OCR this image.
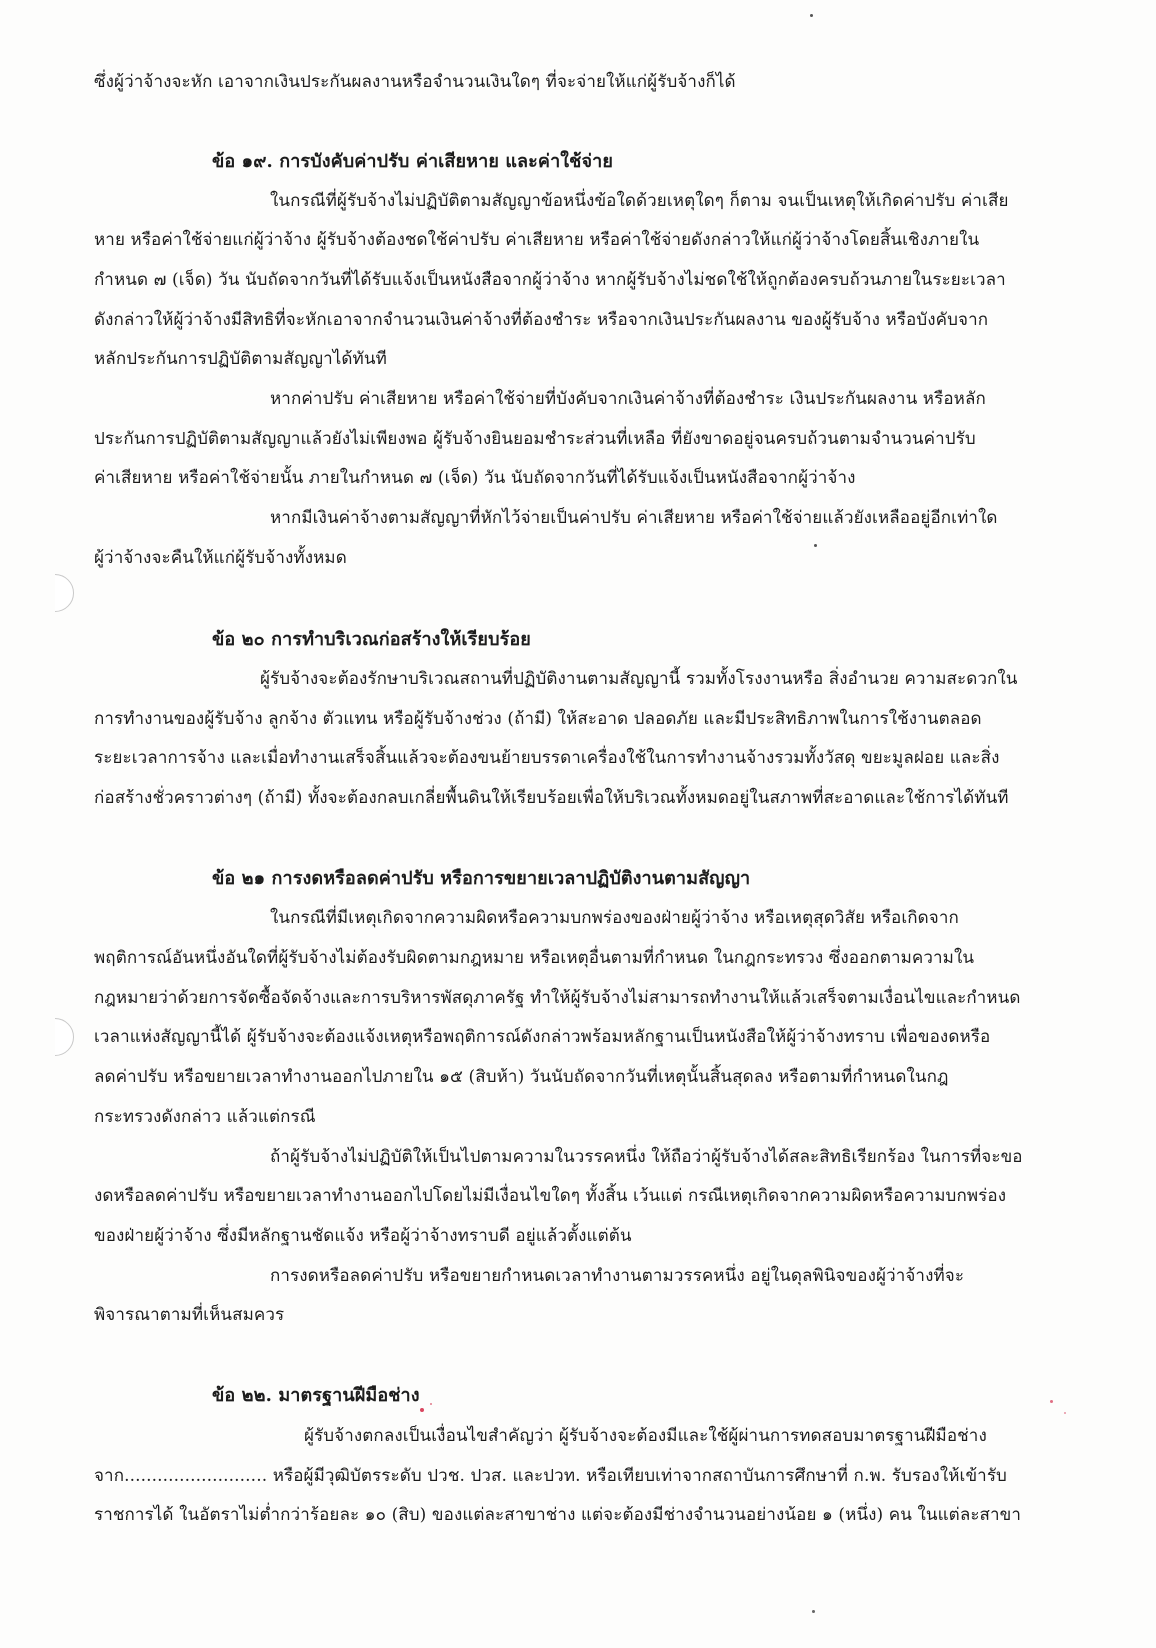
ซึ่งผู้ว่าจ้างจะหัก เอาจากเงินประกันผลงานหรือจำนวนเงินใดๆ ที่จะจ่ายให้แก่ผู้รับจ้างก็ได้
ข้อ ๑๙. การบังคับค่าปรับ ค่าเสียหาย และค่าใช้จ่าย
ในกรณีที่ผู้รับจ้างไม่ปฏิบัติตามสัญญาข้อหนึ่งข้อใดด้วยเหตุใดๆ ก็ตาม จนเป็นเหตุให้เกิดค่าปรับ ค่าเสีย
หาย หรือค่าใช้จ่ายแก่ผู้ว่าจ้าง ผู้รับจ้างต้องชดใช้ค่าปรับ ค่าเสียหาย หรือค่าใช้จ่ายดังกล่าวให้แก่ผู้ว่าจ้างโดยสิ้นเชิงภายใน
กำหนด ๗ (เจ็ด) วัน นับถัดจากวันที่ได้รับแจ้งเป็นหนังสือจากผู้ว่าจ้าง หากผู้รับจ้างไม่ชดใช้ให้ถูกต้องครบถ้วนภายในระยะเวลา
ดังกล่าวให้ผู้ว่าจ้างมีสิทธิที่จะหักเอาจากจำนวนเงินค่าจ้างที่ต้องชำระ หรือจากเงินประกันผลงาน ของผู้รับจ้าง หรือบังคับจาก
หลักประกันการปฏิบัติตามสัญญาได้ทันที
หากค่าปรับ ค่าเสียหาย หรือค่าใช้จ่ายที่บังคับจากเงินค่าจ้างที่ต้องชำระ เงินประกันผลงาน หรือหลัก
ประกันการปฏิบัติตามสัญญาแล้วยังไม่เพียงพอ ผู้รับจ้างยินยอมชำระส่วนที่เหลือ ที่ยังขาดอยู่จนครบถ้วนตามจำนวนค่าปรับ
ค่าเสียหาย หรือค่าใช้จ่ายนั้น ภายในกำหนด ๗ (เจ็ด) วัน นับถัดจากวันที่ได้รับแจ้งเป็นหนังสือจากผู้ว่าจ้าง
หากมีเงินค่าจ้างตามสัญญาที่หักไว้จ่ายเป็นค่าปรับ ค่าเสียหาย หรือค่าใช้จ่ายแล้วยังเหลืออยู่อีกเท่าใด
ผู้ว่าจ้างจะคืนให้แก่ผู้รับจ้างทั้งหมด
ข้อ ๒๐ การทำบริเวณก่อสร้างให้เรียบร้อย
ผู้รับจ้างจะต้องรักษาบริเวณสถานที่ปฏิบัติงานตามสัญญานี้ รวมทั้งโรงงานหรือ สิ่งอำนวย ความสะดวกใน
การทำงานของผู้รับจ้าง ลูกจ้าง ตัวแทน หรือผู้รับจ้างช่วง (ถ้ามี) ให้สะอาด ปลอดภัย และมีประสิทธิภาพในการใช้งานตลอด
ระยะเวลาการจ้าง และเมื่อทำงานเสร็จสิ้นแล้วจะต้องขนย้ายบรรดาเครื่องใช้ในการทำงานจ้างรวมทั้งวัสดุ ขยะมูลฝอย และสิ่ง
ก่อสร้างชั่วคราวต่างๆ (ถ้ามี) ทั้งจะต้องกลบเกลี่ยพื้นดินให้เรียบร้อยเพื่อให้บริเวณทั้งหมดอยู่ในสภาพที่สะอาดและใช้การได้ทันที
ข้อ ๒๑ การงดหรือลดค่าปรับ หรือการขยายเวลาปฏิบัติงานตามสัญญา
ในกรณีที่มีเหตุเกิดจากความผิดหรือความบกพร่องของฝ่ายผู้ว่าจ้าง หรือเหตุสุดวิสัย หรือเกิดจาก
พฤติการณ์อันหนึ่งอันใดที่ผู้รับจ้างไม่ต้องรับผิดตามกฎหมาย หรือเหตุอื่นตามที่กำหนด ในกฎกระทรวง ซึ่งออกตามความใน
กฎหมายว่าด้วยการจัดซื้อจัดจ้างและการบริหารพัสดุภาครัฐ ทำให้ผู้รับจ้างไม่สามารถทำงานให้แล้วเสร็จตามเงื่อนไขและกำหนด
เวลาแห่งสัญญานี้ได้ ผู้รับจ้างจะต้องแจ้งเหตุหรือพฤติการณ์ดังกล่าวพร้อมหลักฐานเป็นหนังสือให้ผู้ว่าจ้างทราบ เพื่อของดหรือ
ลดค่าปรับ หรือขยายเวลาทำงานออกไปภายใน ๑๕ (สิบห้า) วันนับถัดจากวันที่เหตุนั้นสิ้นสุดลง หรือตามที่กำหนดในกฎ
กระทรวงดังกล่าว แล้วแต่กรณี
ถ้าผู้รับจ้างไม่ปฏิบัติให้เป็นไปตามความในวรรคหนึ่ง ให้ถือว่าผู้รับจ้างได้สละสิทธิเรียกร้อง ในการที่จะขอ
งดหรือลดค่าปรับ หรือขยายเวลาทำงานออกไปโดยไม่มีเงื่อนไขใดๆ ทั้งสิ้น เว้นแต่ กรณีเหตุเกิดจากความผิดหรือความบกพร่อง
ของฝ่ายผู้ว่าจ้าง ซึ่งมีหลักฐานชัดแจ้ง หรือผู้ว่าจ้างทราบดี อยู่แล้วตั้งแต่ต้น
การงดหรือลดค่าปรับ หรือขยายกำหนดเวลาทำงานตามวรรคหนึ่ง อยู่ในดุลพินิจของผู้ว่าจ้างที่จะ
พิจารณาตามที่เห็นสมควร
ข้อ ๒๒. มาตรฐานฝีมือช่าง
ผู้รับจ้างตกลงเป็นเงื่อนไขสำคัญว่า ผู้รับจ้างจะต้องมีและใช้ผู้ผ่านการทดสอบมาตรฐานฝีมือช่าง
จาก.......................... หรือผู้มีวุฒิบัตรระดับ ปวช. ปวส. และปวท. หรือเทียบเท่าจากสถาบันการศึกษาที่ ก.พ. รับรองให้เข้ารับ
ราชการได้ ในอัตราไม่ต่ำกว่าร้อยละ ๑๐ (สิบ) ของแต่ละสาขาช่าง แต่จะต้องมีช่างจำนวนอย่างน้อย ๑ (หนึ่ง) คน ในแต่ละสาขา
